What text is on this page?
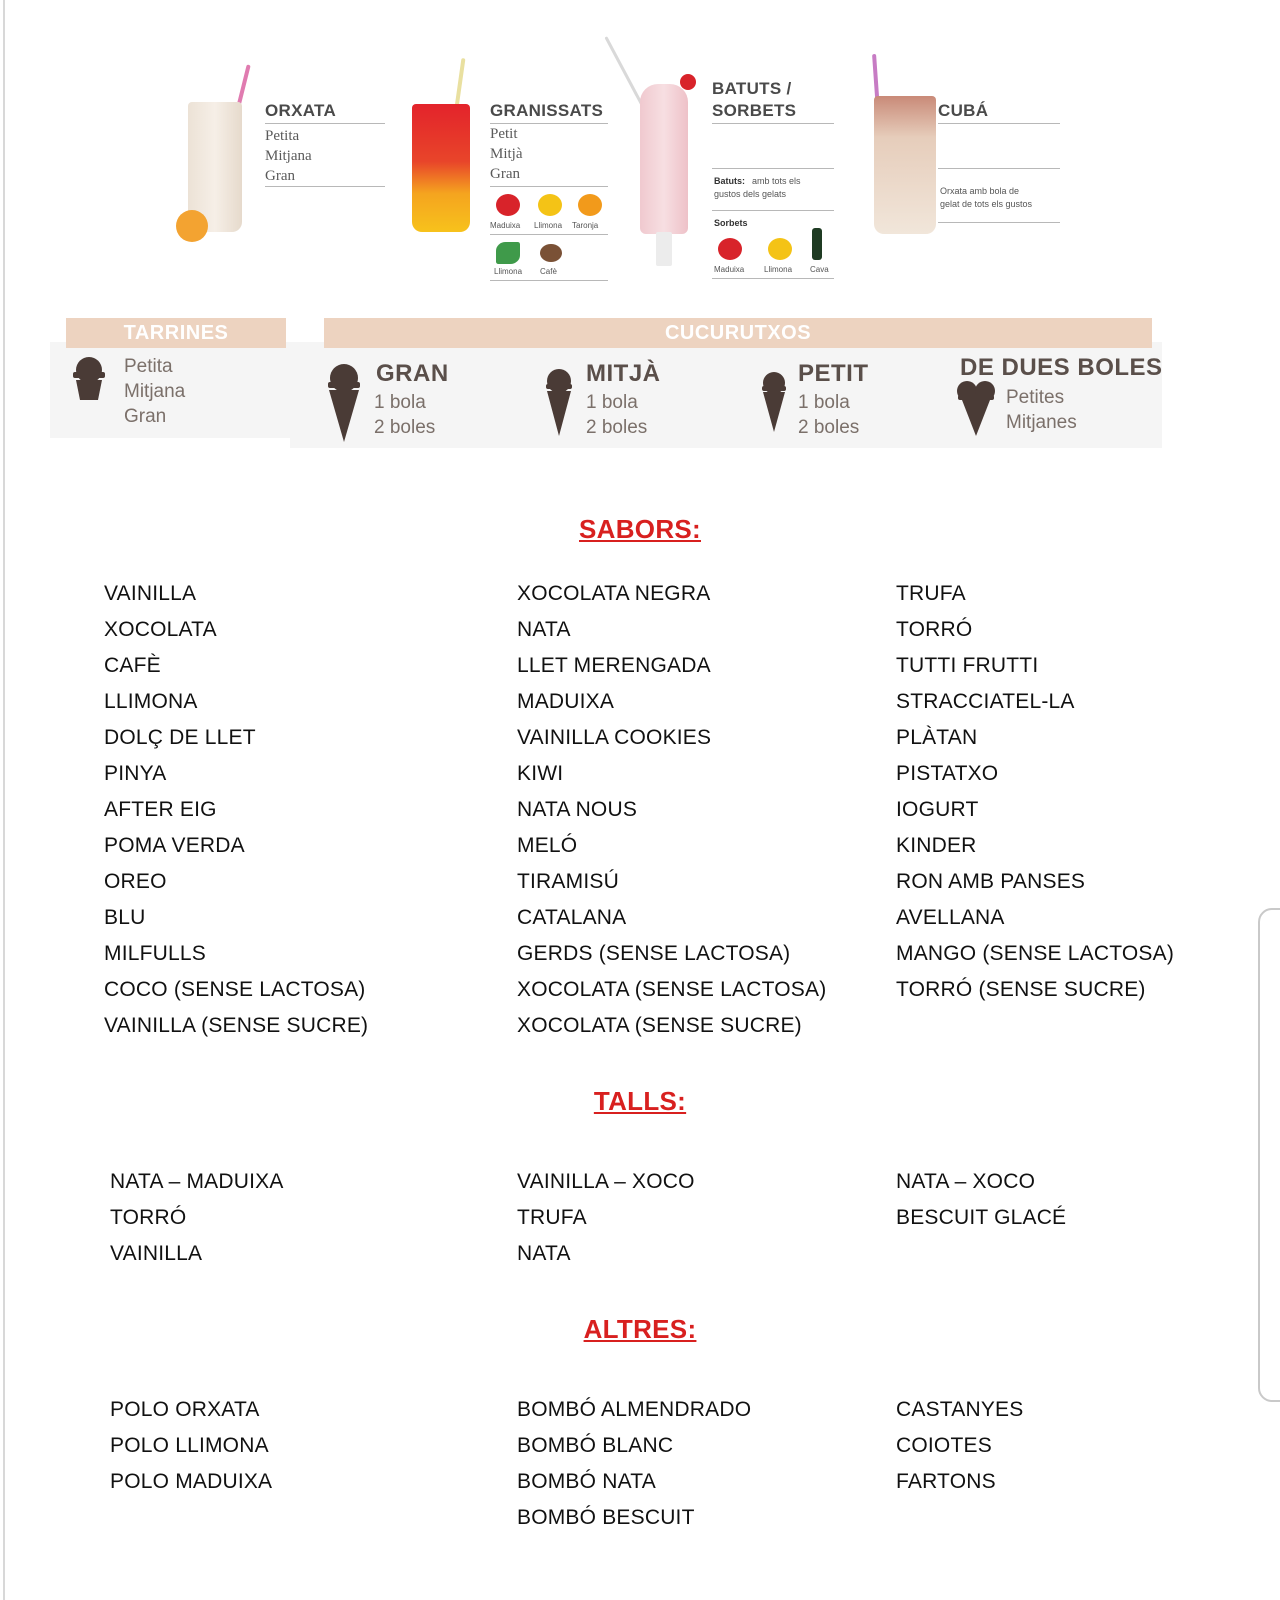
ORXATA
Petita
Mitjana
Gran
GRANISSATS
Petit
Mitjà
Gran
Maduixa Llimona Taronja
Llimona Cafè
BATUTS /
SORBETS
Batuts: amb tots els
gustos dels gelats
Sorbets
Maduixa Llimona Cava
CUBÁ
Orxata amb bola de
gelat de tots els gustos
TARRINES	CUCURUTXOS
Petita
Mitjana
Gran
GRAN
1 bola
2 boles
MITJÀ
1 bola
2 boles
PETIT
1 bola
2 boles
DE DUES BOLES
Petites
Mitjanes
SABORS:
VAINILLA
XOCOLATA
CAFÈ
LLIMONA
DOLÇ DE LLET
PINYA
AFTER EIG
POMA VERDA
OREO
BLU
MILFULLS
COCO (SENSE LACTOSA)
VAINILLA (SENSE SUCRE)
XOCOLATA NEGRA
NATA
LLET MERENGADA
MADUIXA
VAINILLA COOKIES
KIWI
NATA NOUS
MELÓ
TIRAMISÚ
CATALANA
GERDS (SENSE LACTOSA)
XOCOLATA (SENSE LACTOSA)
XOCOLATA (SENSE SUCRE)
TRUFA
TORRÓ
TUTTI FRUTTI
STRACCIATEL-LA
PLÀTAN
PISTATXO
IOGURT
KINDER
RON AMB PANSES
AVELLANA
MANGO (SENSE LACTOSA)
TORRÓ (SENSE SUCRE)
TALLS:
NATA – MADUIXA
TORRÓ
VAINILLA
VAINILLA – XOCO
TRUFA
NATA
NATA – XOCO
BESCUIT GLACÉ
ALTRES:
POLO ORXATA
POLO LLIMONA
POLO MADUIXA
BOMBÓ ALMENDRADO
BOMBÓ BLANC
BOMBÓ NATA
BOMBÓ BESCUIT
CASTANYES
COIOTES
FARTONS
